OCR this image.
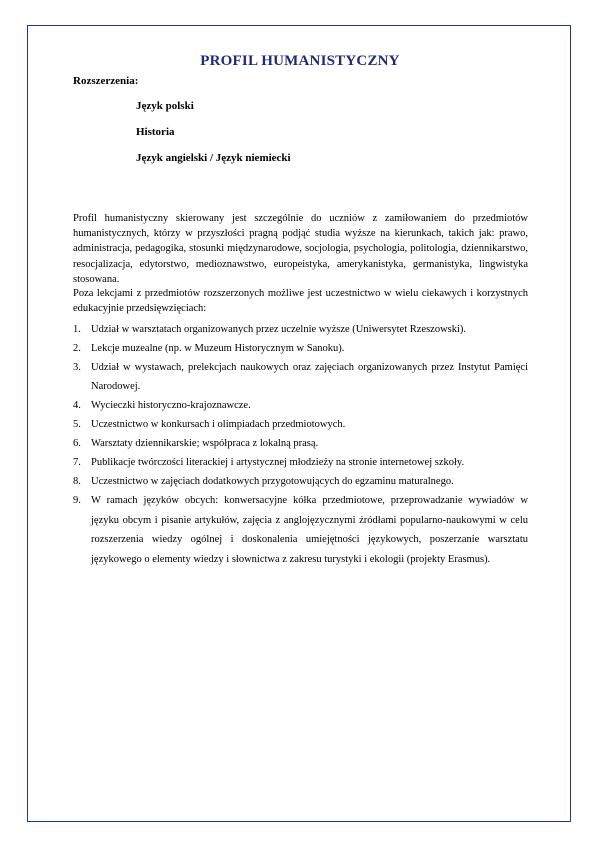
PROFIL HUMANISTYCZNY

Rozszerzenia:

Język polski
Historia
Język angielski / Język niemiecki

Profil humanistyczny skierowany jest szczególnie do uczniów z zamiłowaniem do przedmiotów humanistycznych, którzy w przyszłości pragną podjąć studia wyższe na kierunkach, takich jak: prawo, administracja, pedagogika, stosunki międzynarodowe, socjologia, psychologia, politologia, dziennikarstwo, resocjalizacja, edytorstwo, medioznawstwo, europeistyka, amerykanistyka, germanistyka, lingwistyka stosowana.

Poza lekcjami z przedmiotów rozszerzonych możliwe jest uczestnictwo w wielu ciekawych i korzystnych edukacyjnie przedsięwzięciach:

1. Udział w warsztatach organizowanych przez uczelnie wyższe (Uniwersytet Rzeszowski).
2. Lekcje muzealne (np. w Muzeum Historycznym w Sanoku).
3. Udział w wystawach, prelekcjach naukowych oraz zajęciach organizowanych przez Instytut Pamięci Narodowej.
4. Wycieczki historyczno-krajoznawcze.
5. Uczestnictwo w konkursach i olimpiadach przedmiotowych.
6. Warsztaty dziennikarskie; współpraca z lokalną prasą.
7. Publikacje twórczości literackiej i artystycznej młodzieży na stronie internetowej szkoły.
8. Uczestnictwo w zajęciach dodatkowych przygotowujących do egzaminu maturalnego.
9. W ramach języków obcych: konwersacyjne kółka przedmiotowe, przeprowadzanie wywiadów w języku obcym i pisanie artykułów, zajęcia z anglojęzycznymi źródłami popularno-naukowymi w celu rozszerzenia wiedzy ogólnej i doskonalenia umiejętności językowych, poszerzanie warsztatu językowego o elementy wiedzy i słownictwa z zakresu turystyki i ekologii (projekty Erasmus).
